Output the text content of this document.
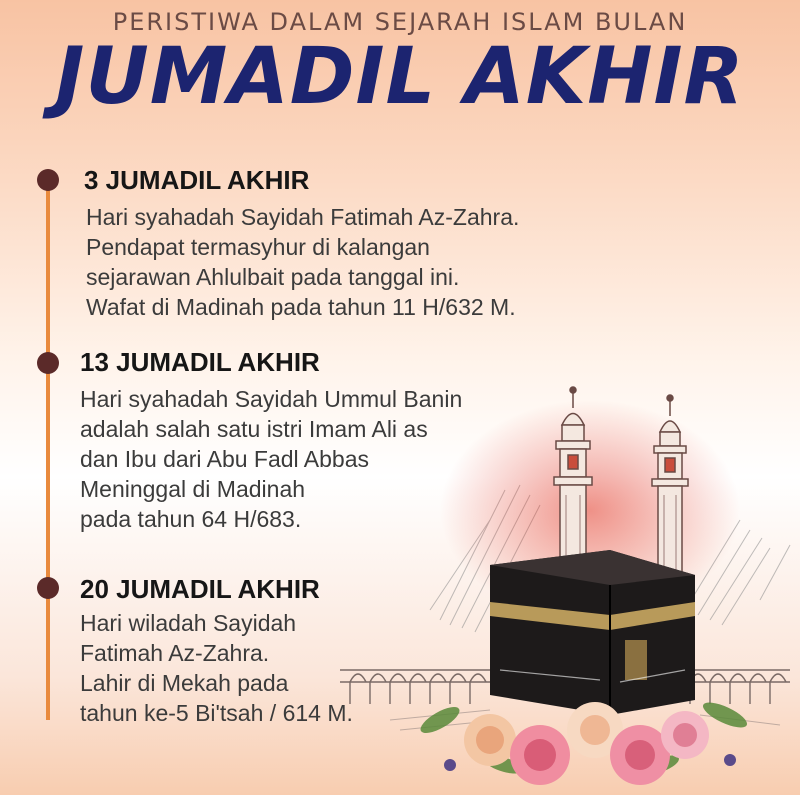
PERISTIWA DALAM SEJARAH ISLAM BULAN
JUMADIL AKHIR
3 JUMADIL AKHIR
Hari syahadah Sayidah Fatimah Az-Zahra.
Pendapat termasyhur di kalangan
sejarawan Ahlulbait pada tanggal ini.
Wafat di Madinah pada tahun 11 H/632 M.
13 JUMADIL AKHIR
Hari syahadah Sayidah Ummul Banin
adalah salah satu istri Imam Ali as
dan Ibu dari Abu Fadl Abbas
Meninggal di Madinah
pada tahun 64 H/683.
20 JUMADIL AKHIR
Hari wiladah Sayidah
Fatimah Az-Zahra.
Lahir di Mekah pada
tahun ke-5 Bi'tsah / 614 M.
